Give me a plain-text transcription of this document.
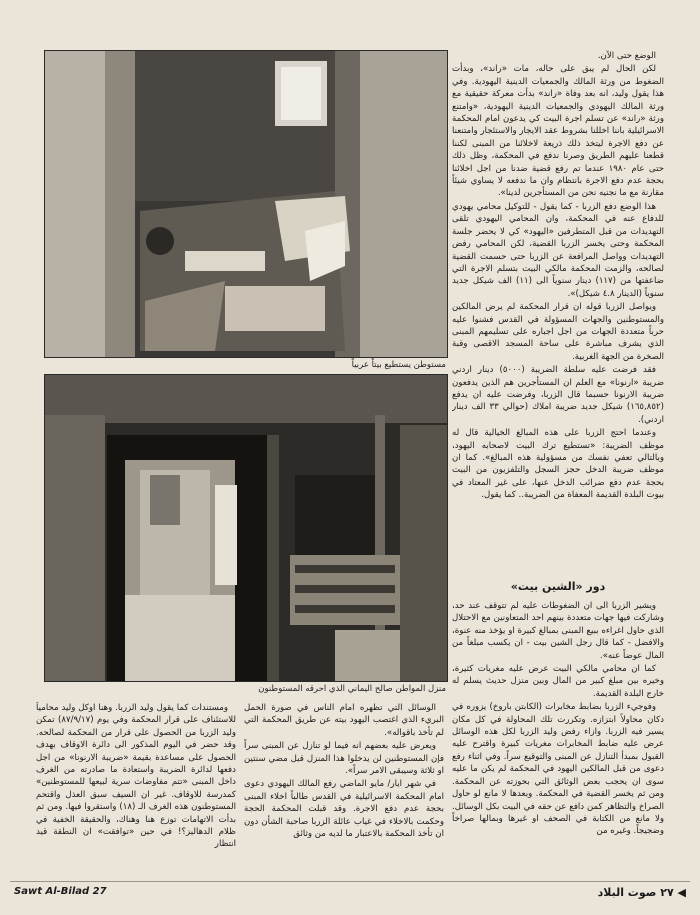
مستوطن يستطيع بيتاً عربياً
منزل المواطن صالح اليماني الذي احرقه المستوطنون

الوضع حتى الآن.

لكن الحال لم يبق على حاله، مات «راند»، وبدأت الضغوط من ورثة المالك والجمعيات الدينية اليهودية. وفي هذا يقول وليد، انه بعد وفاة «راند» بدأت معركة حقيقية مع ورثة المالك اليهودي والجمعيات الدينية اليهودية، «وامتنع ورثة «راند» عن تسلم اجرة البيت كي يدعون امام المحكمة الاسرائيلية باننا اخللنا بشروط عقد الايجار والاستئجار وامتنعنا عن دفع الاجرة ليتخذ ذلك ذريعة لاخلائنا من المبنى لكننا قطعنا عليهم الطريق وصرنا ندفع في المحكمة، وظل ذلك حتى عام ١٩٨٠ عندما تم رفع قضية ضدنا من اجل اخلائنا بحجة عدم دفع الاجرة بانتظام وان ما ندفعه لا يساوي شيئاً مقارنة مع ما نجنيه نحن من المستأجرين لدينا».

هذا الوضع دفع الزربا - كما يقول - للتوكيل محامي يهودي للدفاع عنه في المحكمة، وان المحامي اليهودي تلقى التهديدات من قبل المتطرفين «اليهود» كي لا يحضر جلسة المحكمة وحتى يخسر الزربا القضية، لكن المحامي رفض التهديدات وواصل المرافعة عن الزربا حتى حسمت القضية لصالحه، والزمت المحكمة مالكي البيت بتسلم الاجرة التي ضاعفتها من (١١٧) دينار سنوياً الى (١١) الف شيكل جديد سنوياً (الدينار ٤.٨ شيكل)».

ويواصل الزربا قوله ان قرار المحكمة لم يرض المالكين والمستوطنين والجهات المسؤولة في القدس فشنوا عليه حرباً متعددة الجهات من اجل اجباره على تسليمهم المبنى الذي يشرف مباشرة على ساحة المسجد الاقصى وقبة الصخرة من الجهة الغربية.

فقد فرضت عليه سلطة الضريبة (٥٠٠٠) دينار اردني ضريبة «ارنونا» مع العلم ان المستأجرين هم الذين يدفعون ضريبة الارنونا حسبما قال الزربا، وفرضت عليه ان يدفع (١٦٥,٨٥٢) شيكل جديد ضريبة املاك (حوالي ٣٣ الف دينار اردني).

وعندما احتج الزربا على هذه المبالغ الخيالية قال له موظف الضريبة: «تستطيع ترك البيت لاصحابه اليهود، وبالتالي تعفي نفسك من مسؤولية هذه المبالغ». كما ان موظف ضريبة الدخل حجز السجل والتلفزيون من البيت بحجة عدم دفع ضرائب الدخل عنها، على غير المعتاد في بيوت البلدة القديمة المعفاة من الضريبة.. كما يقول.

دور «الشين بيت»

ويشير الزربا الى ان الضغوطات عليه لم تتوقف عند حد، وشاركت فيها جهات متعددة بينهم احد المتعاونين مع الاحتلال الذي حاول اغراءه ببيع المبنى بمبالغ كبيرة او يؤخذ منه عنوة، والافضل - كما قال رجل الشين بيت - ان يكسب مبلغاً من المال عوضاً عنه».

كما ان محامي مالكي البيت عرض عليه مغريات كثيرة، وخيره بين مبلغ كبير من المال وبين منزل حديث يسلم له خارج البلدة القديمة.

وفوجيء الزربا بضابط مخابرات (الكابتن باروخ) يزوره في دكان محاولاً ابتزازه. وتكررت تلك المحاولة في كل مكان يسير فيه الزربا. وازاء رفض وليد الزربا لكل هذه الوسائل عرض عليه ضابط المخابرات مغريات كبيرة واقترح عليه القبول بمبدأ التنازل عن المبنى والتوقيع سراً. وفي اثناء رفع دعوى من قبل المالكين اليهود في المحكمة لم يكن ما عليه سوى ان يحجب بعض الوثائق التي بحوزته عن المحكمة. ومن ثم يخسر القضية في المحكمة. وبعدها لا مانع لو حاول الصراخ والتظاهر كمن دافع عن حقه في البيت بكل الوسائل. ولا مانع من الكتابة في الصحف او غيرها وبمالها صراخاً وضجيجاً. وغيره من

الوسائل التي تظهره امام الناس في صورة الحمل البريء الذي اغتصب اليهود بيته عن طريق المحكمة التي لم تأخذ باقواله».

ويعرض عليه بعضهم انه فيما لو تنازل عن المبنى سراً فإن المستوطنين لن يدخلوا هذا المنزل قبل مضي سنتين او ثلاثة وسيبقى الامر سراً».

في شهر ايار/ مايو الماضي رفع المالك اليهودي دعوى امام المحكمة الاسرائيلية في القدس طالباً اخلاء المبنى بحجة عدم دفع الاجرة. وقد قبلت المحكمة الحجة وحكمت بالاخلاء في غياب عائلة الزربا صاحبة الشأن دون ان تأخذ المحكمة بالاعتبار ما لديه من وثائق

ومستندات كما يقول وليد الزربا. وهنا اوكل وليد محامياً للاستئناف على قرار المحكمة وفي يوم (٨٧/٩/١٧) تمكن وليد الزربا من الحصول على قرار من المحكمة لصالحه. وقد حضر في اليوم المذكور الى دائرة الاوقاف بهدف الحصول على مساعدة بقيمة «ضريبة الارنونا» من اجل دفعها لدائرة الضريبة واستعادة ما صادرته من الغرف داخل المبنى «تتم مفاوضات سرية لبيعها للمستوطنين» كمدرسة للاوقاف. غير ان السيف سبق العذل واقتحم المستوطنون هذه الغرف الـ (١٨) واستقروا فيها. ومن ثم بدأت الاتهامات توزع هنا وهناك، والحقيقة الخفية في ظلام الدهاليز؟! في حين «توافقت» ان النطقة قيد انتظار

Sawt Al-Bilad 27	◀ ٢٧ صوت البلاد
